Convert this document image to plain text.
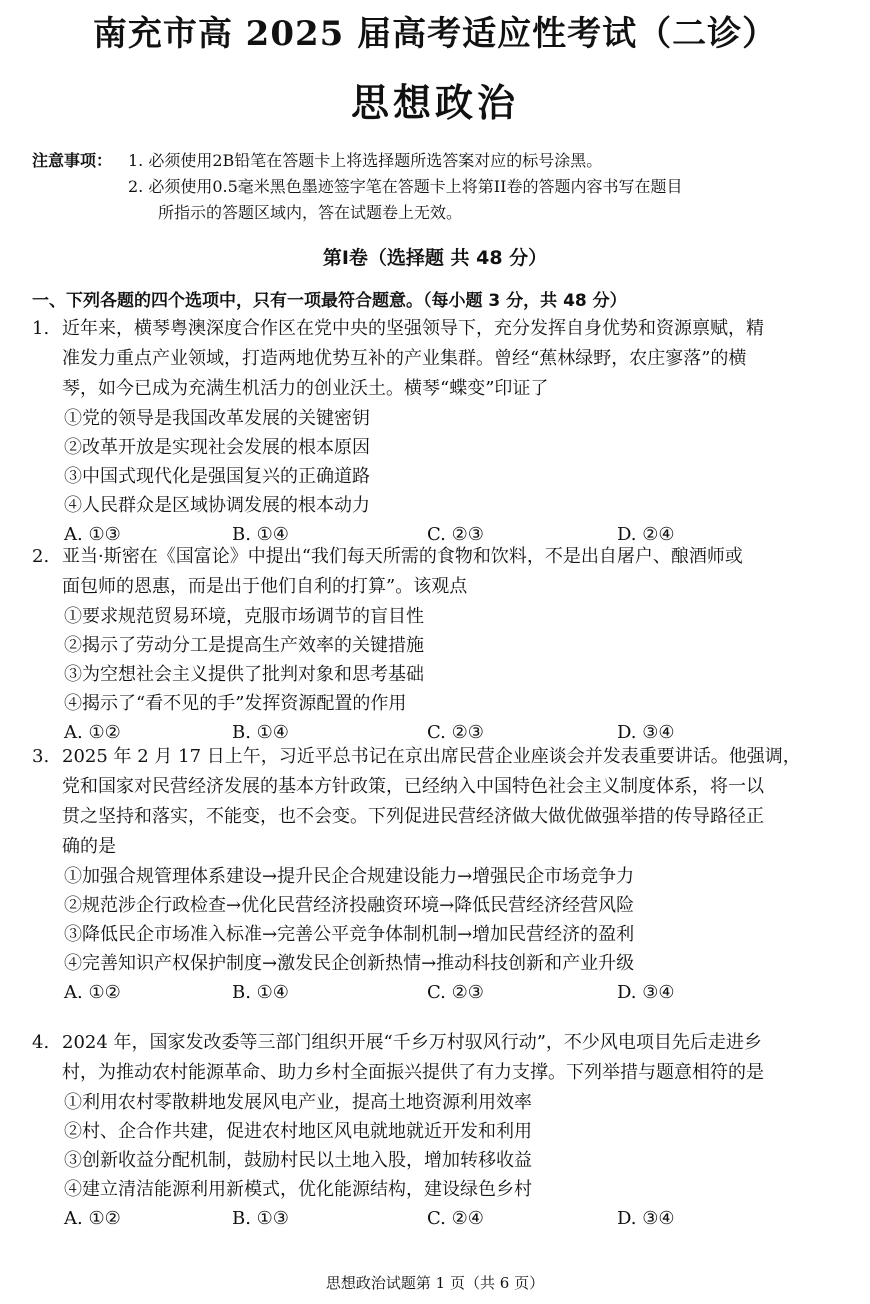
南充市高 2025 届高考适应性考试（二诊）
思想政治
注意事项： 1. 必须使用2B铅笔在答题卡上将选择题所选答案对应的标号涂黑。
2. 必须使用0.5毫米黑色墨迹签字笔在答题卡上将第II卷的答题内容书写在题目
所指示的答题区域内，答在试题卷上无效。
第I卷（选择题 共 48 分）
一、下列各题的四个选项中，只有一项最符合题意。（每小题 3 分，共 48 分）
1. 近年来，横琴粤澳深度合作区在党中央的坚强领导下，充分发挥自身优势和资源禀赋，精
准发力重点产业领域，打造两地优势互补的产业集群。曾经“蕉林绿野，农庄寥落”的横
琴，如今已成为充满生机活力的创业沃土。横琴“蝶变”印证了
①党的领导是我国改革发展的关键密钥
②改革开放是实现社会发展的根本原因
③中国式现代化是强国复兴的正确道路
④人民群众是区域协调发展的根本动力
A. ①③	B. ①④	C. ②③	D. ②④
2. 亚当·斯密在《国富论》中提出“我们每天所需的食物和饮料，不是出自屠户、酿酒师或
面包师的恩惠，而是出于他们自利的打算”。该观点
①要求规范贸易环境，克服市场调节的盲目性
②揭示了劳动分工是提高生产效率的关键措施
③为空想社会主义提供了批判对象和思考基础
④揭示了“看不见的手”发挥资源配置的作用
A. ①②	B. ①④	C. ②③	D. ③④
3. 2025 年 2 月 17 日上午，习近平总书记在京出席民营企业座谈会并发表重要讲话。他强调，
党和国家对民营经济发展的基本方针政策，已经纳入中国特色社会主义制度体系，将一以
贯之坚持和落实，不能变，也不会变。下列促进民营经济做大做优做强举措的传导路径正
确的是
①加强合规管理体系建设→提升民企合规建设能力→增强民企市场竞争力
②规范涉企行政检查→优化民营经济投融资环境→降低民营经济经营风险
③降低民企市场准入标准→完善公平竞争体制机制→增加民营经济的盈利
④完善知识产权保护制度→激发民企创新热情→推动科技创新和产业升级
A. ①②	B. ①④	C. ②③	D. ③④
4. 2024 年，国家发改委等三部门组织开展“千乡万村驭风行动”，不少风电项目先后走进乡
村，为推动农村能源革命、助力乡村全面振兴提供了有力支撑。下列举措与题意相符的是
①利用农村零散耕地发展风电产业，提高土地资源利用效率
②村、企合作共建，促进农村地区风电就地就近开发和利用
③创新收益分配机制，鼓励村民以土地入股，增加转移收益
④建立清洁能源利用新模式，优化能源结构，建设绿色乡村
A. ①②	B. ①③	C. ②④	D. ③④
思想政治试题第 1 页（共 6 页）
